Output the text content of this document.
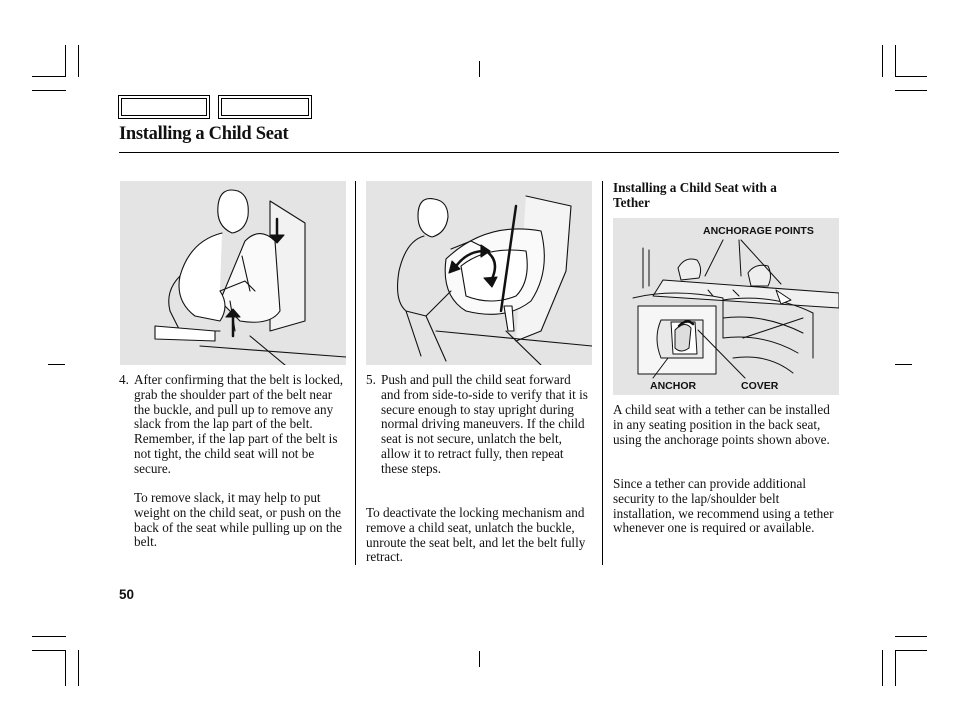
Installing a Child Seat
4. After confirming that the belt is locked, grab the shoulder part of the belt near the buckle, and pull up to remove any slack from the lap part of the belt. Remember, if the lap part of the belt is not tight, the child seat will not be secure.
To remove slack, it may help to put weight on the child seat, or push on the back of the seat while pulling up on the belt.
5. Push and pull the child seat forward and from side-to-side to verify that it is secure enough to stay upright during normal driving maneuvers. If the child seat is not secure, unlatch the belt, allow it to retract fully, then repeat these steps.
To deactivate the locking mechanism and remove a child seat, unlatch the buckle, unroute the seat belt, and let the belt fully retract.
Installing a Child Seat with a Tether
ANCHORAGE POINTS
ANCHOR	COVER
A child seat with a tether can be installed in any seating position in the back seat, using the anchorage points shown above.
Since a tether can provide additional security to the lap/shoulder belt installation, we recommend using a tether whenever one is required or available.
50
